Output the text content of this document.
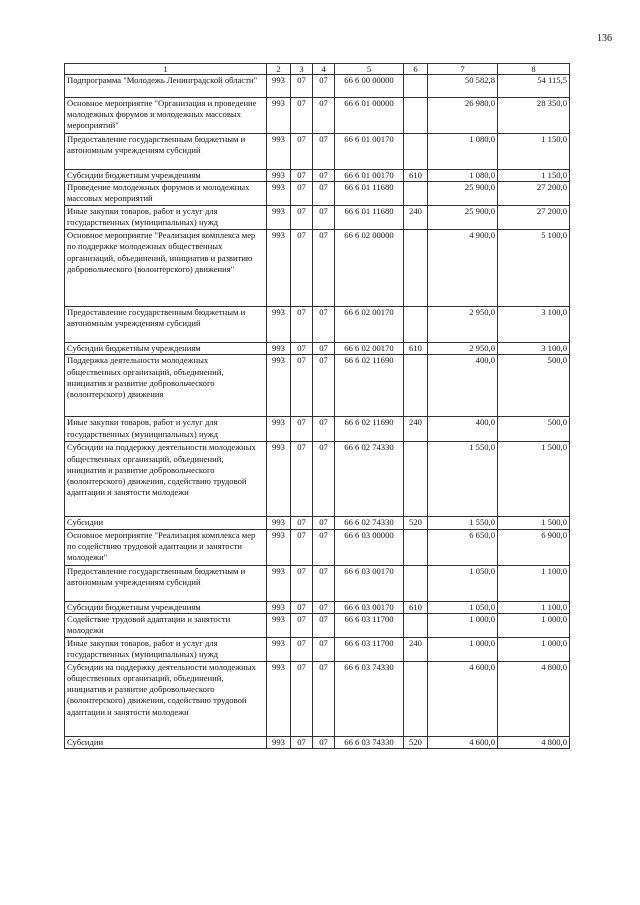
136
1	2	3	4	5	6	7	8
Подпрограмма "Молодежь Ленинградской области"	993	07	07	66 6 00 00000		50 582,8	54 115,5
Основное мероприятие "Организация и проведение молодежных форумов и молодежных массовых мероприятий"	993	07	07	66 6 01 00000		26 980,0	28 350,0
Предоставление государственным бюджетным и автономным учреждениям субсидий	993	07	07	66 6 01 00170		1 080,0	1 150,0
Субсидии бюджетным учреждениям	993	07	07	66 6 01 00170	610	1 080,0	1 150,0
Проведение молодежных форумов и молодежных массовых мероприятий	993	07	07	66 6 01 11680		25 900,0	27 200,0
Иные закупки товаров, работ и услуг для государственных (муниципальных) нужд	993	07	07	66 6 01 11680	240	25 900,0	27 200,0
Основное мероприятие "Реализация комплекса мер по поддержке молодежных общественных организаций, объединений, инициатив и развитию добровольческого (волонтерского) движения"	993	07	07	66 6 02 00000		4 900,0	5 100,0
Предоставление государственным бюджетным и автономным учреждениям субсидий	993	07	07	66 6 02 00170		2 950,0	3 100,0
Субсидии бюджетным учреждениям	993	07	07	66 6 02 00170	610	2 950,0	3 100,0
Поддержка деятельности молодежных общественных организаций, объединений, инициатив и развитие добровольческого (волонтерского) движения	993	07	07	66 6 02 11690		400,0	500,0
Иные закупки товаров, работ и услуг для государственных (муниципальных) нужд	993	07	07	66 6 02 11690	240	400,0	500,0
Субсидии на поддержку деятельности молодежных общественных организаций, объединений, инициатив и развитие добровольческого (волонтерского) движения, содействию трудовой адаптации и занятости молодежи	993	07	07	66 6 02 74330		1 550,0	1 500,0
Субсидии	993	07	07	66 6 02 74330	520	1 550,0	1 500,0
Основное мероприятие "Реализация комплекса мер по содействию трудовой адаптации и занятости молодежи"	993	07	07	66 6 03 00000		6 650,0	6 900,0
Предоставление государственным бюджетным и автономным учреждениям субсидий	993	07	07	66 6 03 00170		1 050,0	1 100,0
Субсидии бюджетным учреждениям	993	07	07	66 6 03 00170	610	1 050,0	1 100,0
Содействие трудовой адаптации и занятости молодежи	993	07	07	66 6 03 11700		1 000,0	1 000,0
Иные закупки товаров, работ и услуг для государственных (муниципальных) нужд	993	07	07	66 6 03 11700	240	1 000,0	1 000,0
Субсидии на поддержку деятельности молодежных общественных организаций, объединений, инициатив и развитие добровольческого (волонтерского) движения, содействию трудовой адаптации и занятости молодежи	993	07	07	66 6 03 74330		4 600,0	4 800,0
Субсидии	993	07	07	66 6 03 74330	520	4 600,0	4 800,0
